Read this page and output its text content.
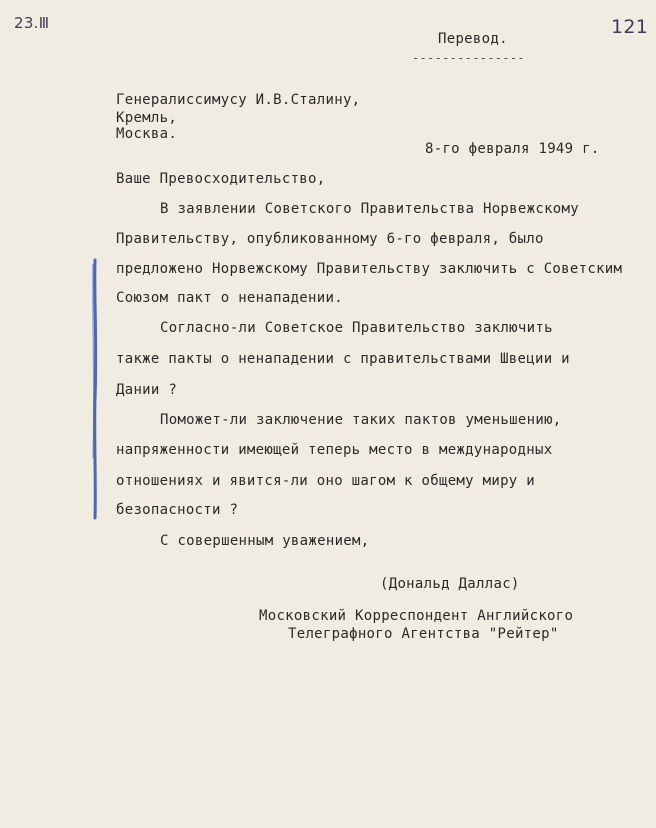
23.Ⅲ	121
Перевод.
---------------
Генералиссимусу И.В.Сталину,
Кремль,
Москва.
8-го февраля 1949 г.
Ваше Превосходительство,
В заявлении Советского Правительства Норвежскому
Правительству, опубликованному 6-го февраля, было
предложено Норвежскому Правительству заключить с Советским
Союзом пакт о ненападении.
Согласно-ли Советское Правительство заключить
также пакты о ненападении с правительствами Швеции и
Дании ?
Поможет-ли заключение таких пактов уменьшению,
напряженности имеющей теперь место в международных
отношениях и явится-ли оно шагом к общему миру и
безопасности ?
С совершенным уважением,
(Дональд Даллас)
Московский Корреспондент Английского
Телеграфного Агентства "Рейтер"
